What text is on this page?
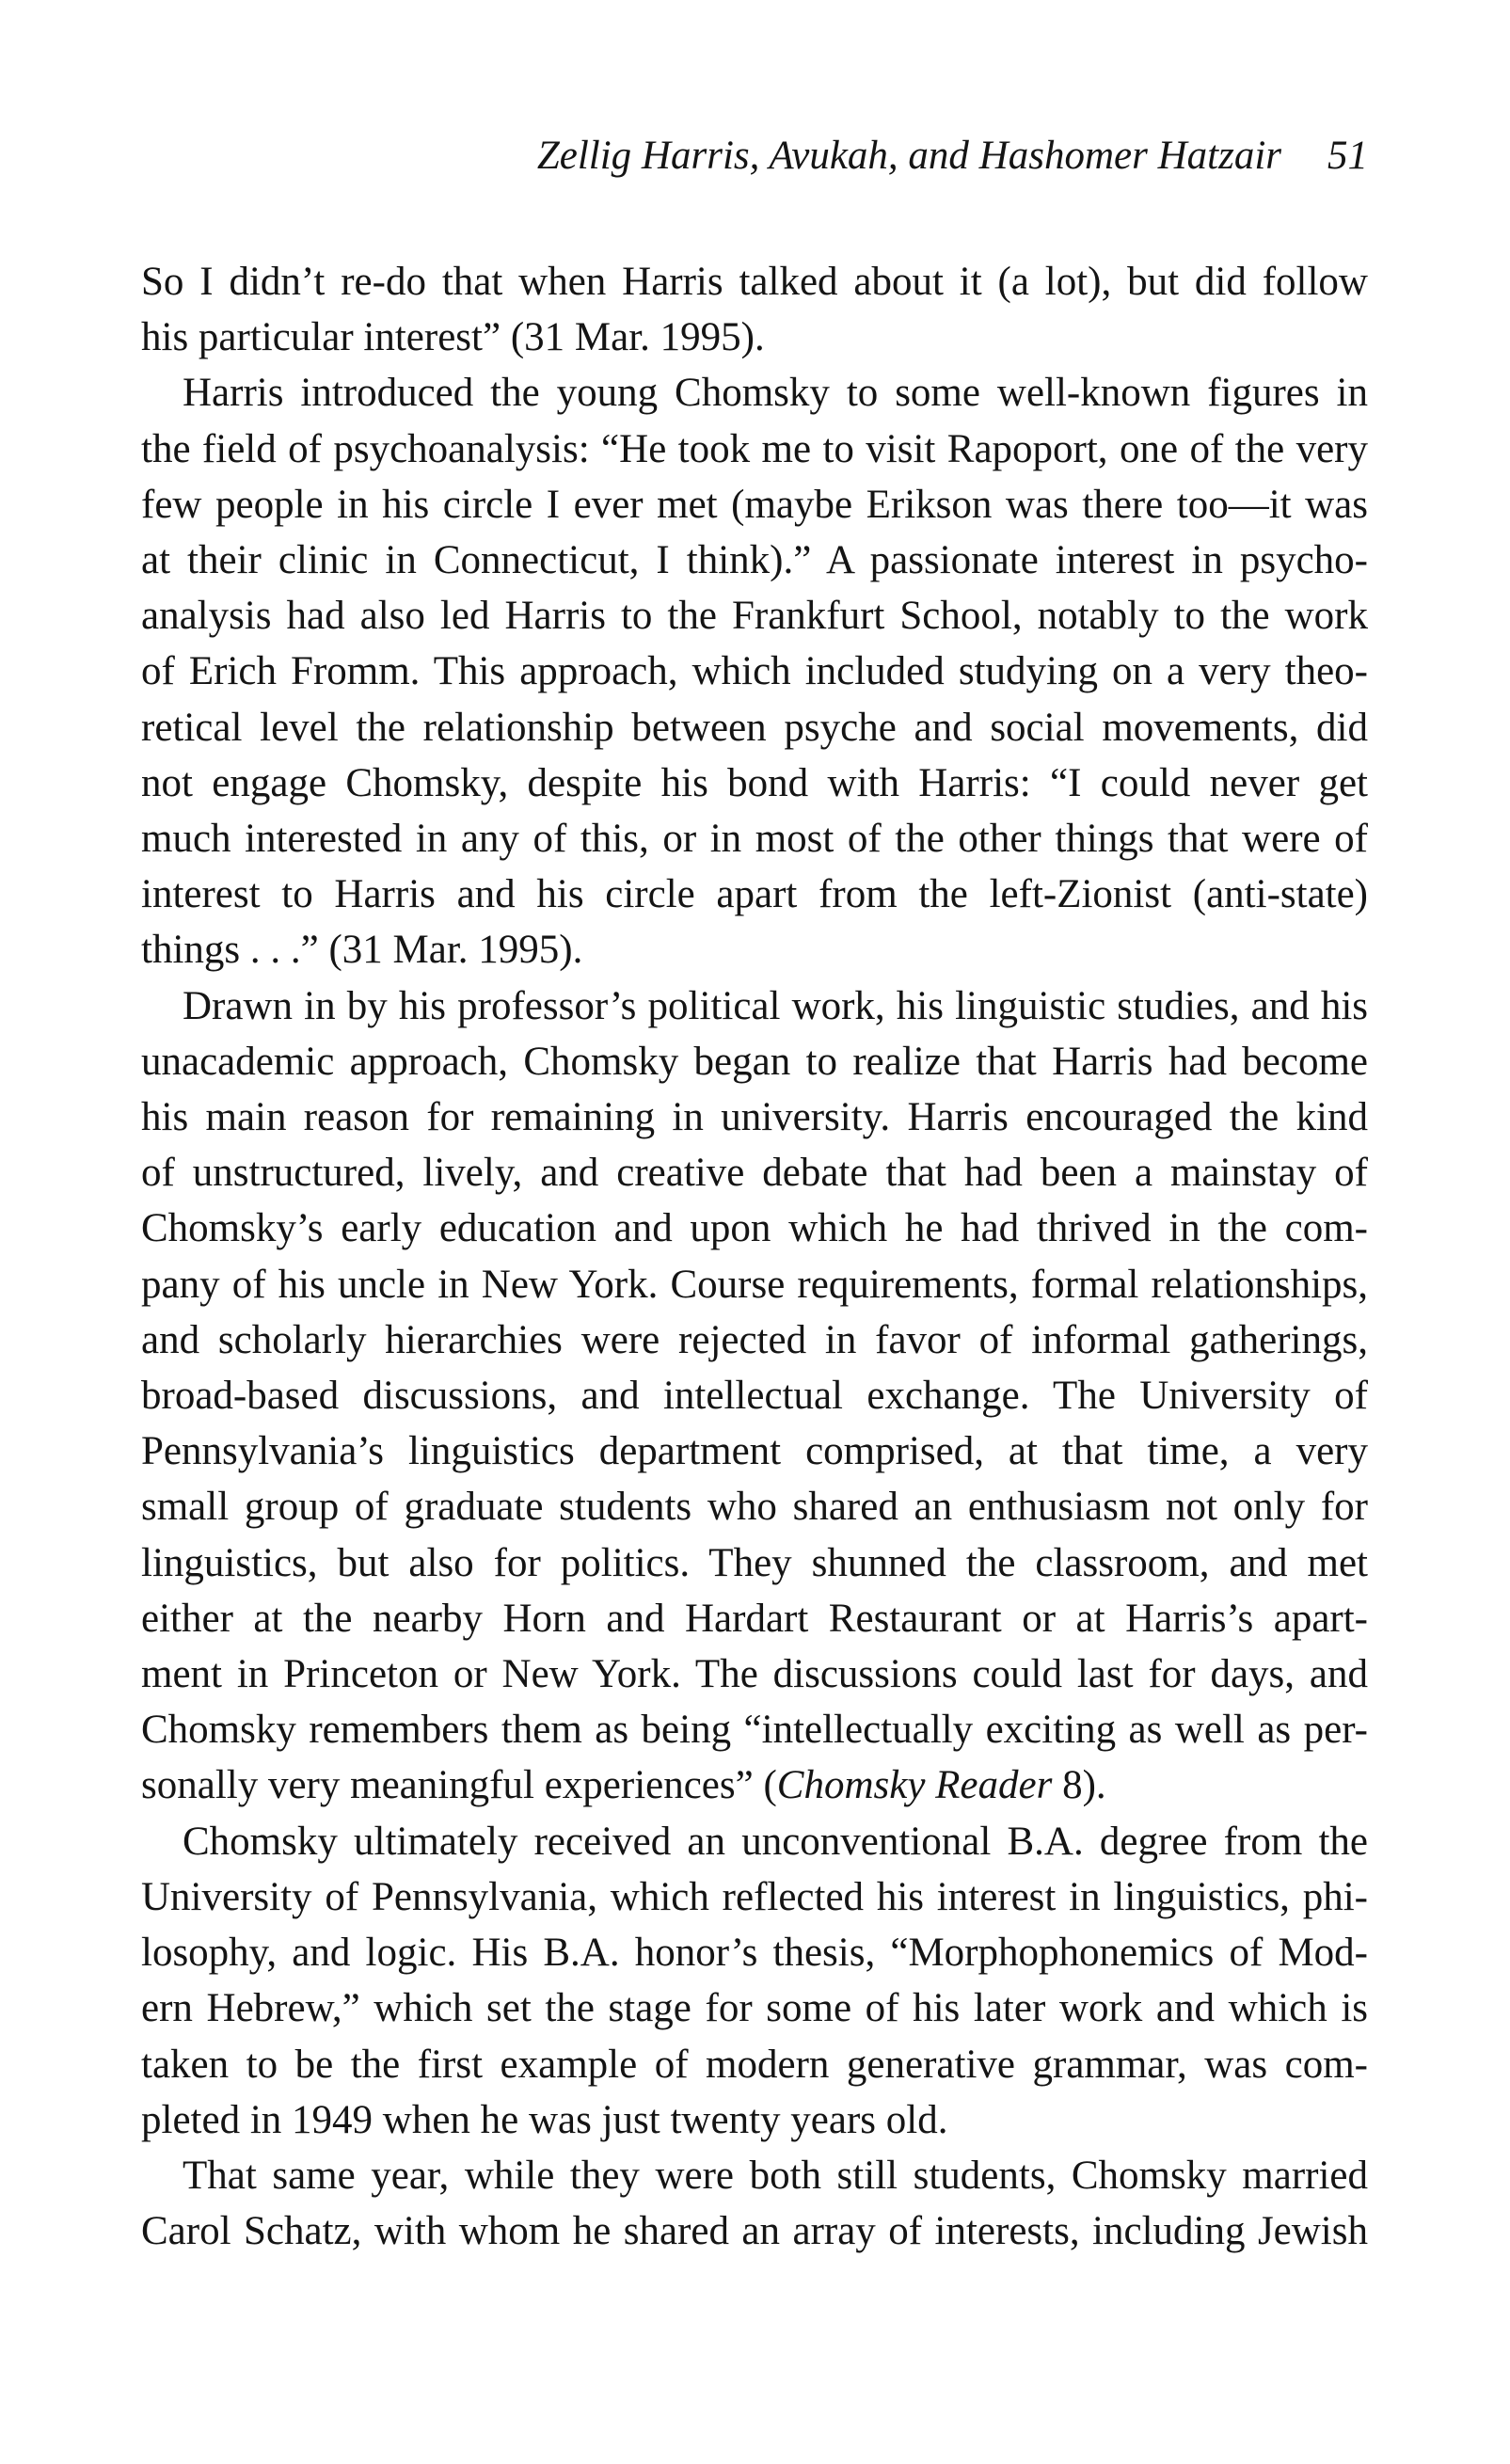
Zellig Harris, Avukah, and Hashomer Hatzair 51

So I didn’t re-do that when Harris talked about it (a lot), but did follow
his particular interest” (31 Mar. 1995).

Harris introduced the young Chomsky to some well-known figures in
the field of psychoanalysis: “He took me to visit Rapoport, one of the very
few people in his circle I ever met (maybe Erikson was there too—it was
at their clinic in Connecticut, I think).” A passionate interest in psycho-
analysis had also led Harris to the Frankfurt School, notably to the work
of Erich Fromm. This approach, which included studying on a very theo-
retical level the relationship between psyche and social movements, did
not engage Chomsky, despite his bond with Harris: “I could never get
much interested in any of this, or in most of the other things that were of
interest to Harris and his circle apart from the left-Zionist (anti-state)
things . . .” (31 Mar. 1995).

Drawn in by his professor’s political work, his linguistic studies, and his
unacademic approach, Chomsky began to realize that Harris had become
his main reason for remaining in university. Harris encouraged the kind
of unstructured, lively, and creative debate that had been a mainstay of
Chomsky’s early education and upon which he had thrived in the com-
pany of his uncle in New York. Course requirements, formal relationships,
and scholarly hierarchies were rejected in favor of informal gatherings,
broad-based discussions, and intellectual exchange. The University of
Pennsylvania’s linguistics department comprised, at that time, a very
small group of graduate students who shared an enthusiasm not only for
linguistics, but also for politics. They shunned the classroom, and met
either at the nearby Horn and Hardart Restaurant or at Harris’s apart-
ment in Princeton or New York. The discussions could last for days, and
Chomsky remembers them as being “intellectually exciting as well as per-
sonally very meaningful experiences” (Chomsky Reader 8).

Chomsky ultimately received an unconventional B.A. degree from the
University of Pennsylvania, which reflected his interest in linguistics, phi-
losophy, and logic. His B.A. honor’s thesis, “Morphophonemics of Mod-
ern Hebrew,” which set the stage for some of his later work and which is
taken to be the first example of modern generative grammar, was com-
pleted in 1949 when he was just twenty years old.

That same year, while they were both still students, Chomsky married
Carol Schatz, with whom he shared an array of interests, including Jewish
